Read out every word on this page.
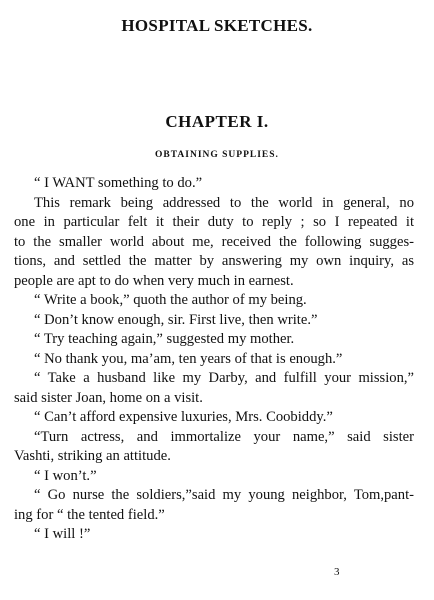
HOSPITAL SKETCHES.
CHAPTER I.
OBTAINING SUPPLIES.
“ I WANT something to do.”
This remark being addressed to the world in general, no
one in particular felt it their duty to reply ; so I repeated it
to the smaller world about me, received the following sugges-
tions, and settled the matter by answering my own inquiry, as
people are apt to do when very much in earnest.
“ Write a book,” quoth the author of my being.
“ Don’t know enough, sir. First live, then write.”
“ Try teaching again,” suggested my mother.
“ No thank you, ma’am, ten years of that is enough.”
“ Take a husband like my Darby, and fulfill your mission,”
said sister Joan, home on a visit.
“ Can’t afford expensive luxuries, Mrs. Coobiddy.”
“Turn actress, and immortalize your name,” said sister
Vashti, striking an attitude.
“ I won’t.”
“ Go nurse the soldiers,”said my young neighbor, Tom,pant-
ing for “ the tented field.”
“ I will !”
3
